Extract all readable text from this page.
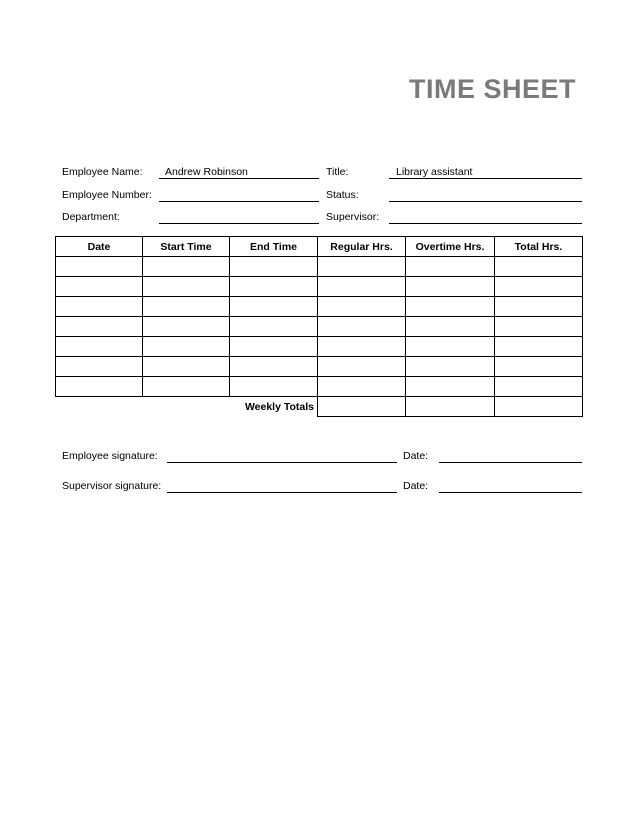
TIME SHEET
Employee Name: Andrew Robinson	Title:	Library assistant
Employee Number:	Status:
Department:	Supervisor:
Date	Start Time	End Time	Regular Hrs.	Overtime Hrs.	Total Hrs.

		Weekly Totals			
Employee signature:	Date:
Supervisor signature:	Date:
